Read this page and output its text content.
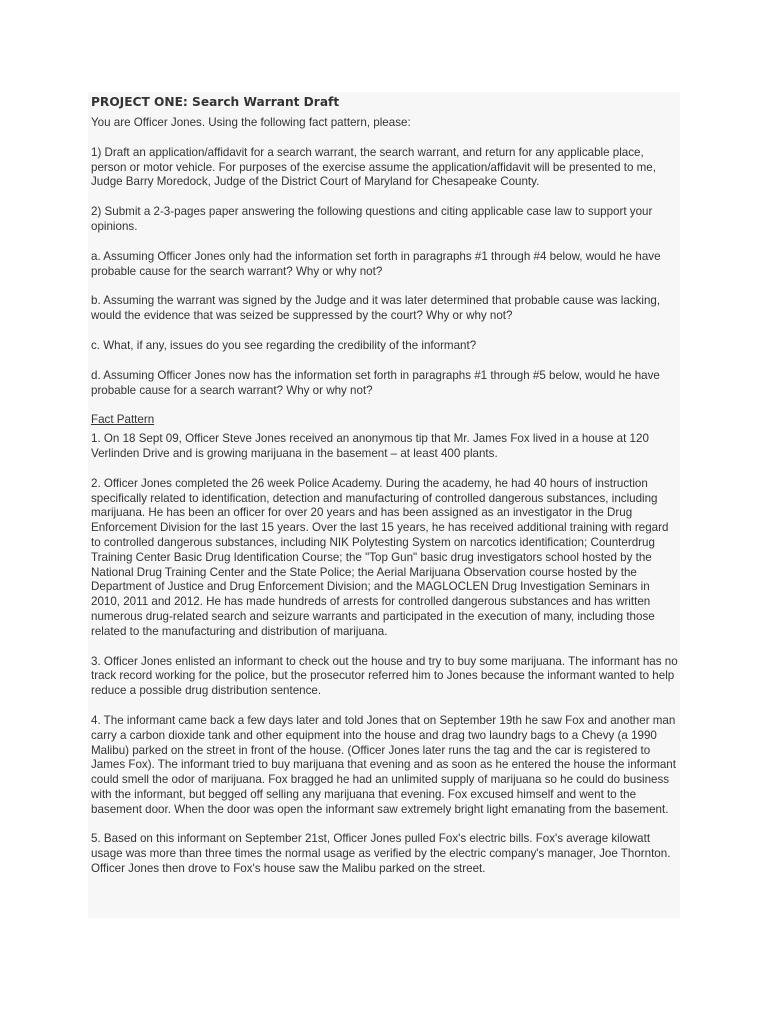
PROJECT ONE: Search Warrant Draft

You are Officer Jones. Using the following fact pattern, please:

1) Draft an application/affidavit for a search warrant, the search warrant, and return for any applicable place, person or motor vehicle. For purposes of the exercise assume the application/affidavit will be presented to me, Judge Barry Moredock, Judge of the District Court of Maryland for Chesapeake County.

2) Submit a 2-3-pages paper answering the following questions and citing applicable case law to support your opinions.

a. Assuming Officer Jones only had the information set forth in paragraphs #1 through #4 below, would he have probable cause for the search warrant? Why or why not?

b. Assuming the warrant was signed by the Judge and it was later determined that probable cause was lacking, would the evidence that was seized be suppressed by the court? Why or why not?

c. What, if any, issues do you see regarding the credibility of the informant?

d. Assuming Officer Jones now has the information set forth in paragraphs #1 through #5 below, would he have probable cause for a search warrant? Why or why not?

Fact Pattern

1. On 18 Sept 09, Officer Steve Jones received an anonymous tip that Mr. James Fox lived in a house at 120 Verlinden Drive and is growing marijuana in the basement – at least 400 plants.

2. Officer Jones completed the 26 week Police Academy. During the academy, he had 40 hours of instruction specifically related to identification, detection and manufacturing of controlled dangerous substances, including marijuana. He has been an officer for over 20 years and has been assigned as an investigator in the Drug Enforcement Division for the last 15 years. Over the last 15 years, he has received additional training with regard to controlled dangerous substances, including NIK Polytesting System on narcotics identification; Counterdrug Training Center Basic Drug Identification Course; the "Top Gun" basic drug investigators school hosted by the National Drug Training Center and the State Police; the Aerial Marijuana Observation course hosted by the Department of Justice and Drug Enforcement Division; and the MAGLOCLEN Drug Investigation Seminars in 2010, 2011 and 2012. He has made hundreds of arrests for controlled dangerous substances and has written numerous drug-related search and seizure warrants and participated in the execution of many, including those related to the manufacturing and distribution of marijuana.

3. Officer Jones enlisted an informant to check out the house and try to buy some marijuana. The informant has no track record working for the police, but the prosecutor referred him to Jones because the informant wanted to help reduce a possible drug distribution sentence.

4. The informant came back a few days later and told Jones that on September 19th he saw Fox and another man carry a carbon dioxide tank and other equipment into the house and drag two laundry bags to a Chevy (a 1990 Malibu) parked on the street in front of the house. (Officer Jones later runs the tag and the car is registered to James Fox). The informant tried to buy marijuana that evening and as soon as he entered the house the informant could smell the odor of marijuana. Fox bragged he had an unlimited supply of marijuana so he could do business with the informant, but begged off selling any marijuana that evening. Fox excused himself and went to the basement door. When the door was open the informant saw extremely bright light emanating from the basement.

5. Based on this informant on September 21st, Officer Jones pulled Fox's electric bills. Fox's average kilowatt usage was more than three times the normal usage as verified by the electric company's manager, Joe Thornton. Officer Jones then drove to Fox's house saw the Malibu parked on the street.
